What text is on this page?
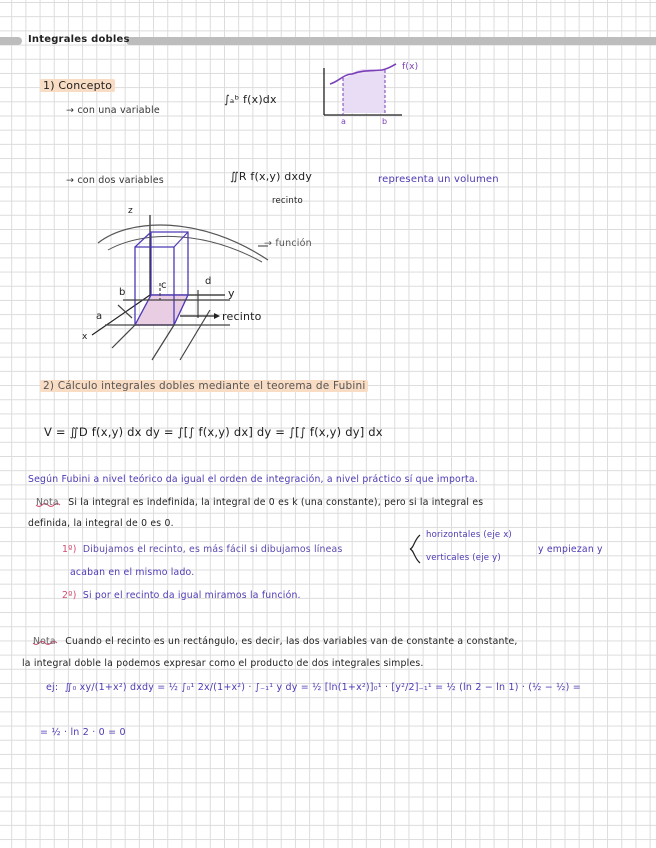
Integrales dobles
1) Concepto
→ con una variable
∫ₐᵇ f(x)dx
f(x)
a	b
→ con dos variables	∬R f(x,y) dxdy
recinto
representa un volumen
z
y
x
a
b
c	d
→ función
recinto
2) Cálculo integrales dobles mediante el teorema de Fubini
V = ∬D f(x,y) dx dy = ∫[∫ f(x,y) dx] dy = ∫[∫ f(x,y) dy] dx
Según Fubini a nivel teórico da igual el orden de integración, a nivel práctico sí que importa.
Nota Si la integral es indefinida, la integral de 0 es k (una constante), pero si la integral es
definida, la integral de 0 es 0.
1º) Dibujamos el recinto, es más fácil si dibujamos líneas
horizontales (eje x)
verticales (eje y)
y empiezan y
acaban en el mismo lado.
2º) Si por el recinto da igual miramos la función.
Nota Cuando el recinto es un rectángulo, es decir, las dos variables van de constante a constante,
la integral doble la podemos expresar como el producto de dos integrales simples.
ej: ∬₀ xy/(1+x²) dxdy = ½ ∫₀¹ 2x/(1+x²) · ∫₋₁¹ y dy = ½ [ln(1+x²)]₀¹ · [y²/2]₋₁¹ = ½ (ln 2 − ln 1) · (½ − ½) =
= ½ · ln 2 · 0 = 0
